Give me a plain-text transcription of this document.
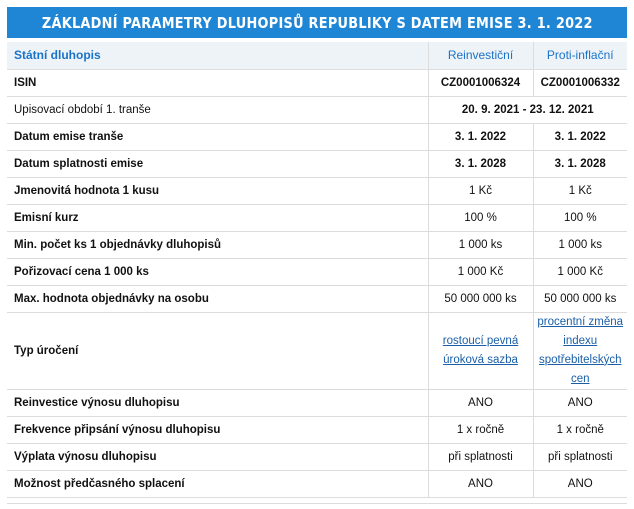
ZÁKLADNÍ PARAMETRY DLUHOPISŮ REPUBLIKY S DATEM EMISE 3. 1. 2022
Státní dluhopis	Reinvestiční	Proti-inflační
ISIN	CZ0001006324	CZ0001006332
Upisovací období 1. tranše	20. 9. 2021 - 23. 12. 2021	
Datum emise tranše	3. 1. 2022	3. 1. 2022
Datum splatnosti emise	3. 1. 2028	3. 1. 2028
Jmenovitá hodnota 1 kusu	1 Kč	1 Kč
Emisní kurz	100 %	100 %
Min. počet ks 1 objednávky dluhopisů	1 000 ks	1 000 ks
Pořizovací cena 1 000 ks	1 000 Kč	1 000 Kč
Max. hodnota objednávky na osobu	50 000 000 ks	50 000 000 ks
Typ úročení	rostoucí pevná úroková sazba	procentní změna indexu spotřebitelských cen
Reinvestice výnosu dluhopisu	ANO	ANO
Frekvence připsání výnosu dluhopisu	1 x ročně	1 x ročně
Výplata výnosu dluhopisu	při splatnosti	při splatnosti
Možnost předčasného splacení	ANO	ANO
